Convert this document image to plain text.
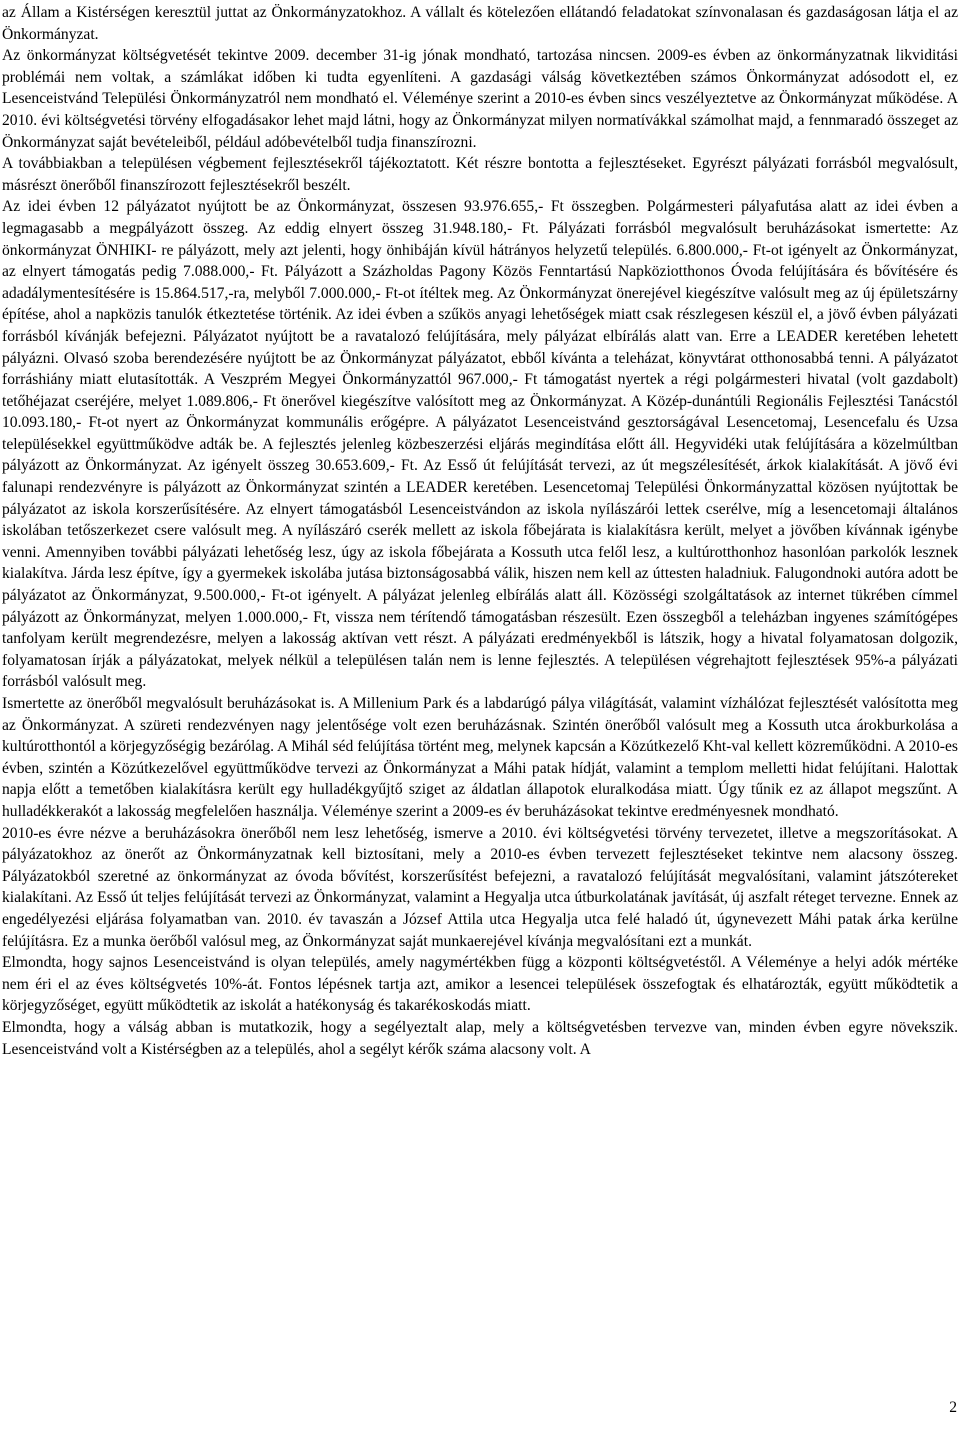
az Állam a Kistérségen keresztül juttat az Önkormányzatokhoz. A vállalt és kötelezően ellátandó feladatokat színvonalasan és gazdaságosan látja el az Önkormányzat.

Az önkormányzat költségvetését tekintve 2009. december 31-ig jónak mondható, tartozása nincsen. 2009-es évben az önkormányzatnak likviditási problémái nem voltak, a számlákat időben ki tudta egyenlíteni. A gazdasági válság következtében számos Önkormányzat adósodott el, ez Lesenceistvánd Települési Önkormányzatról nem mondható el. Véleménye szerint a 2010-es évben sincs veszélyeztetve az Önkormányzat működése. A 2010. évi költségvetési törvény elfogadásakor lehet majd látni, hogy az Önkormányzat milyen normatívákkal számolhat majd, a fennmaradó összeget az Önkormányzat saját bevételeiből, például adóbevételből tudja finanszírozni.

A továbbiakban a településen végbement fejlesztésekről tájékoztatott. Két részre bontotta a fejlesztéseket. Egyrészt pályázati forrásból megvalósult, másrészt önerőből finanszírozott fejlesztésekről beszélt.

Az idei évben 12 pályázatot nyújtott be az Önkormányzat, összesen 93.976.655,- Ft összegben. Polgármesteri pályafutása alatt az idei évben a legmagasabb a megpályázott összeg. Az eddig elnyert összeg 31.948.180,- Ft. Pályázati forrásból megvalósult beruházásokat ismertette: Az önkormányzat ÖNHIKI- re pályázott, mely azt jelenti, hogy önhibáján kívül hátrányos helyzetű település. 6.800.000,- Ft-ot igényelt az Önkormányzat, az elnyert támogatás pedig 7.088.000,- Ft. Pályázott a Százholdas Pagony Közös Fenntartású Napköziotthonos Óvoda felújítására és bővítésére és adadálymentesítésére is 15.864.517,-ra, melyből 7.000.000,- Ft-ot ítéltek meg. Az Önkormányzat önerejével kiegészítve valósult meg az új épületszárny építése, ahol a napközis tanulók étkeztetése történik. Az idei évben a szűkös anyagi lehetőségek miatt csak részlegesen készül el, a jövő évben pályázati forrásból kívánják befejezni. Pályázatot nyújtott be a ravatalozó felújítására, mely pályázat elbírálás alatt van. Erre a LEADER keretében lehetett pályázni. Olvasó szoba berendezésére nyújtott be az Önkormányzat pályázatot, ebből kívánta a teleházat, könyvtárat otthonosabbá tenni. A pályázatot forráshiány miatt elutasították. A Veszprém Megyei Önkormányzattól 967.000,- Ft támogatást nyertek a régi polgármesteri hivatal (volt gazdabolt) tetőhéjazat cseréjére, melyet 1.089.806,- Ft önerővel kiegészítve valósított meg az Önkormányzat. A Közép-dunántúli Regionális Fejlesztési Tanácstól 10.093.180,- Ft-ot nyert az Önkormányzat kommunális erőgépre. A pályázatot Lesenceistvánd gesztorságával Lesencetomaj, Lesencefalu és Uzsa településekkel együttműködve adták be. A fejlesztés jelenleg közbeszerzési eljárás megindítása előtt áll. Hegyvidéki utak felújítására a közelmúltban pályázott az Önkormányzat. Az igényelt összeg 30.653.609,- Ft. Az Esső út felújítását tervezi, az út megszélesítését, árkok kialakítását. A jövő évi falunapi rendezvényre is pályázott az Önkormányzat szintén a LEADER keretében. Lesencetomaj Települési Önkormányzattal közösen nyújtottak be pályázatot az iskola korszerűsítésére. Az elnyert támogatásból Lesenceistvándon az iskola nyílászárói lettek cserélve, míg a lesencetomaji általános iskolában tetőszerkezet csere valósult meg. A nyílászáró cserék mellett az iskola főbejárata is kialakításra került, melyet a jövőben kívánnak igénybe venni. Amennyiben további pályázati lehetőség lesz, úgy az iskola főbejárata a Kossuth utca felől lesz, a kultúrotthonhoz hasonlóan parkolók lesznek kialakítva. Járda lesz építve, így a gyermekek iskolába jutása biztonságosabbá válik, hiszen nem kell az úttesten haladniuk. Falugondnoki autóra adott be pályázatot az Önkormányzat, 9.500.000,- Ft-ot igényelt. A pályázat jelenleg elbírálás alatt áll. Közösségi szolgáltatások az internet tükrében címmel pályázott az Önkormányzat, melyen 1.000.000,- Ft, vissza nem térítendő támogatásban részesült. Ezen összegből a teleházban ingyenes számítógépes tanfolyam került megrendezésre, melyen a lakosság aktívan vett részt. A pályázati eredményekből is látszik, hogy a hivatal folyamatosan dolgozik, folyamatosan írják a pályázatokat, melyek nélkül a településen talán nem is lenne fejlesztés. A településen végrehajtott fejlesztések 95%-a pályázati forrásból valósult meg.

Ismertette az önerőből megvalósult beruházásokat is. A Millenium Park és a labdarúgó pálya világítását, valamint vízhálózat fejlesztését valósította meg az Önkormányzat. A szüreti rendezvényen nagy jelentősége volt ezen beruházásnak. Szintén önerőből valósult meg a Kossuth utca árokburkolása a kultúrotthontól a körjegyzőségig bezárólag. A Mihál séd felújítása történt meg, melynek kapcsán a Közútkezelő Kht-val kellett közreműködni. A 2010-es évben, szintén a Közútkezelővel együttműködve tervezi az Önkormányzat a Máhi patak hídját, valamint a templom melletti hidat felújítani. Halottak napja előtt a temetőben kialakításra került egy hulladékgyűjtő sziget az áldatlan állapotok eluralkodása miatt. Úgy tűnik ez az állapot megszűnt. A hulladékkerakót a lakosság megfelelően használja. Véleménye szerint a 2009-es év beruházásokat tekintve eredményesnek mondható.

2010-es évre nézve a beruházásokra önerőből nem lesz lehetőség, ismerve a 2010. évi költségvetési törvény tervezetet, illetve a megszorításokat. A pályázatokhoz az önerőt az Önkormányzatnak kell biztosítani, mely a 2010-es évben tervezett fejlesztéseket tekintve nem alacsony összeg. Pályázatokból szeretné az önkormányzat az óvoda bővítést, korszerűsítést befejezni, a ravatalozó felújítását megvalósítani, valamint játszótereket kialakítani. Az Esső út teljes felújítását tervezi az Önkormányzat, valamint a Hegyalja utca útburkolatának javítását, új aszfalt réteget tervezne. Ennek az engedélyezési eljárása folyamatban van. 2010. év tavaszán a József Attila utca Hegyalja utca felé haladó út, úgynevezett Máhi patak árka kerülne felújításra. Ez a munka öerőből valósul meg, az Önkormányzat saját munkaerejével kívánja megvalósítani ezt a munkát.

Elmondta, hogy sajnos Lesenceistvánd is olyan település, amely nagymértékben függ a központi költségvetéstől. A Véleménye a helyi adók mértéke nem éri el az éves költségvetés 10%-át. Fontos lépésnek tartja azt, amikor a lesencei települések összefogtak és elhatározták, együtt működtetik a körjegyzőséget, együtt működtetik az iskolát a hatékonyság és takarékoskodás miatt.

Elmondta, hogy a válság abban is mutatkozik, hogy a segélyeztalt alap, mely a költségvetésben tervezve van, minden évben egyre növekszik. Lesenceistvánd volt a Kistérségben az a település, ahol a segélyt kérők száma alacsony volt. A

2
